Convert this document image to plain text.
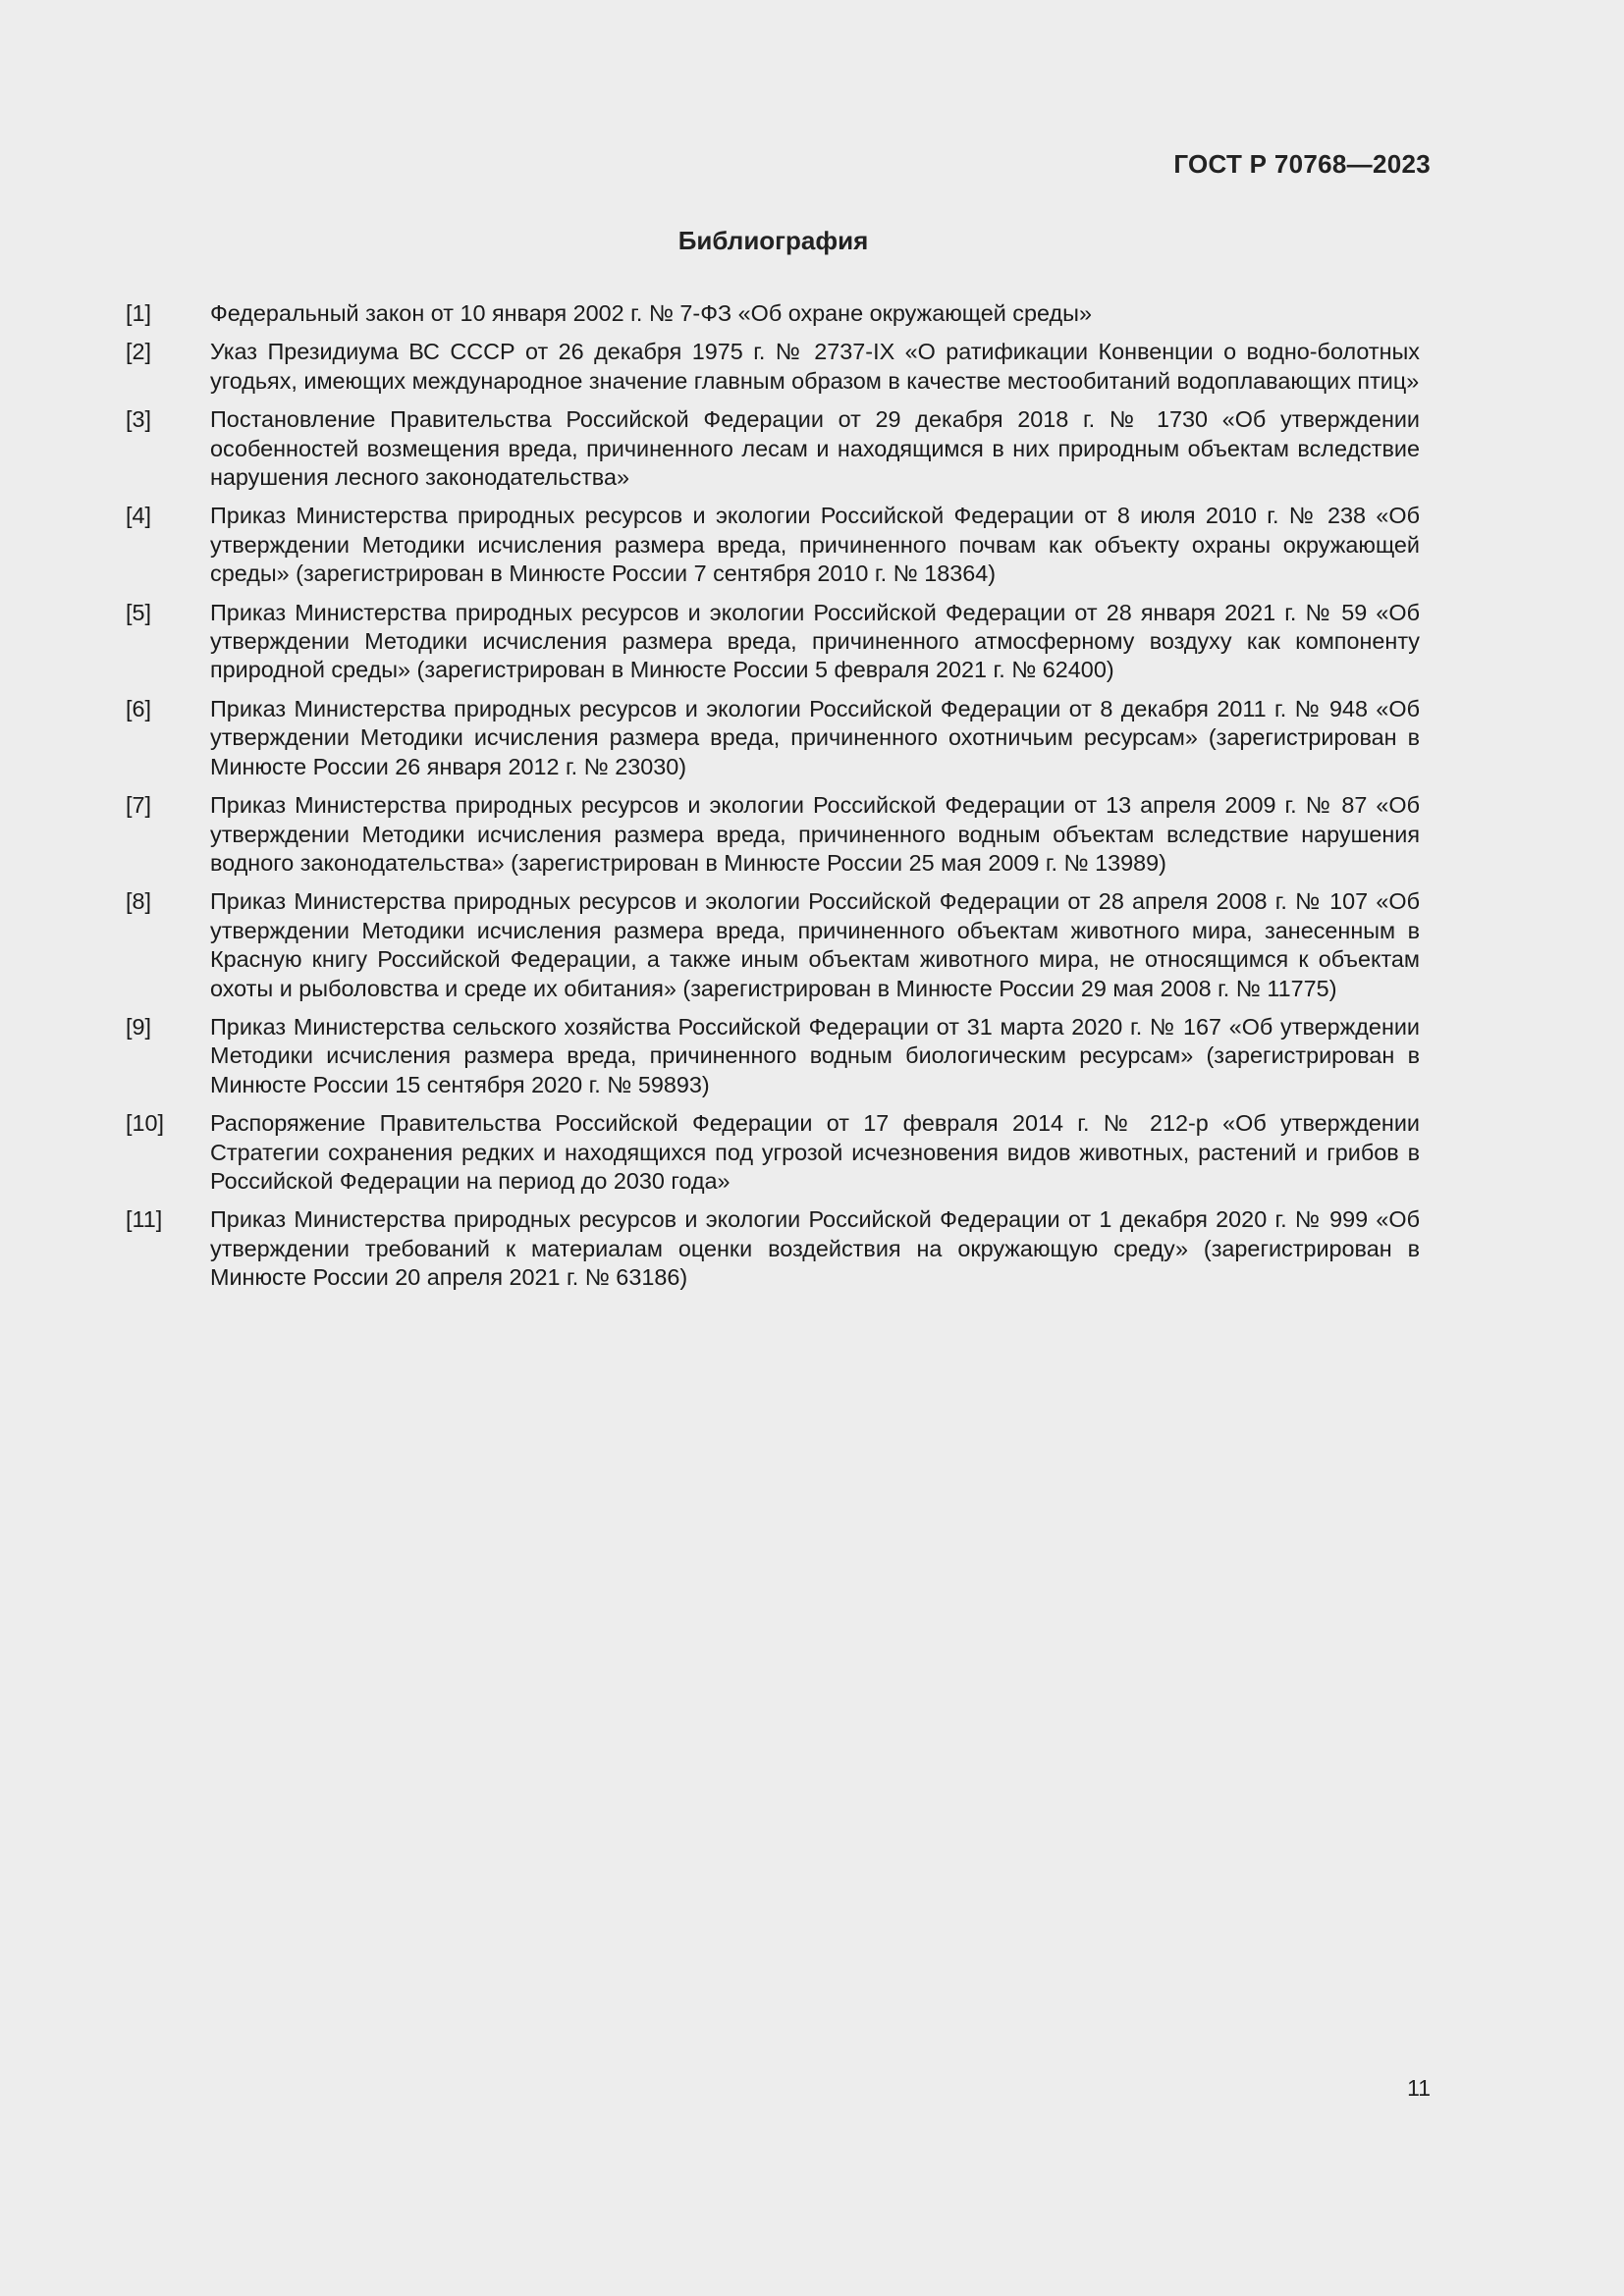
ГОСТ Р 70768—2023
Библиография
[1]	Федеральный закон от 10 января 2002 г. № 7-ФЗ «Об охране окружающей среды»
[2]	Указ Президиума ВС СССР от 26 декабря 1975 г. № 2737-IX «О ратификации Конвенции о водно-болотных угодьях, имеющих международное значение главным образом в качестве местообитаний водоплавающих птиц»
[3]	Постановление Правительства Российской Федерации от 29 декабря 2018 г. № 1730 «Об утверждении особенностей возмещения вреда, причиненного лесам и находящимся в них природным объектам вследствие нарушения лесного законодательства»
[4]	Приказ Министерства природных ресурсов и экологии Российской Федерации от 8 июля 2010 г. № 238 «Об утверждении Методики исчисления размера вреда, причиненного почвам как объекту охраны окружающей среды» (зарегистрирован в Минюсте России 7 сентября 2010 г. № 18364)
[5]	Приказ Министерства природных ресурсов и экологии Российской Федерации от 28 января 2021 г. № 59 «Об утверждении Методики исчисления размера вреда, причиненного атмосферному воздуху как компоненту природной среды» (зарегистрирован в Минюсте России 5 февраля 2021 г. № 62400)
[6]	Приказ Министерства природных ресурсов и экологии Российской Федерации от 8 декабря 2011 г. № 948 «Об утверждении Методики исчисления размера вреда, причиненного охотничьим ресурсам» (зарегистрирован в Минюсте России 26 января 2012 г. № 23030)
[7]	Приказ Министерства природных ресурсов и экологии Российской Федерации от 13 апреля 2009 г. № 87 «Об утверждении Методики исчисления размера вреда, причиненного водным объектам вследствие нарушения водного законодательства» (зарегистрирован в Минюсте России 25 мая 2009 г. № 13989)
[8]	Приказ Министерства природных ресурсов и экологии Российской Федерации от 28 апреля 2008 г. № 107 «Об утверждении Методики исчисления размера вреда, причиненного объектам животного мира, занесенным в Красную книгу Российской Федерации, а также иным объектам животного мира, не относящимся к объектам охоты и рыболовства и среде их обитания» (зарегистрирован в Минюсте России 29 мая 2008 г. № 11775)
[9]	Приказ Министерства сельского хозяйства Российской Федерации от 31 марта 2020 г. № 167 «Об утверждении Методики исчисления размера вреда, причиненного водным биологическим ресурсам» (зарегистрирован в Минюсте России 15 сентября 2020 г. № 59893)
[10]	Распоряжение Правительства Российской Федерации от 17 февраля 2014 г. № 212-р «Об утверждении Стратегии сохранения редких и находящихся под угрозой исчезновения видов животных, растений и грибов в Российской Федерации на период до 2030 года»
[11]	Приказ Министерства природных ресурсов и экологии Российской Федерации от 1 декабря 2020 г. № 999 «Об утверждении требований к материалам оценки воздействия на окружающую среду» (зарегистрирован в Минюсте России 20 апреля 2021 г. № 63186)
11
